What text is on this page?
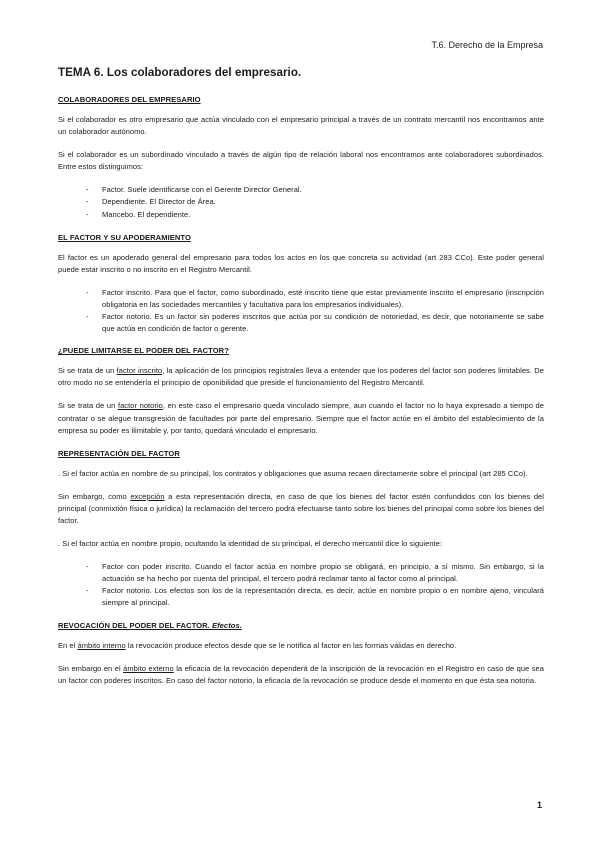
T.6. Derecho de la Empresa
TEMA 6. Los colaboradores del empresario.
COLABORADORES DEL EMPRESARIO

Si el colaborador es otro empresario que actúa vinculado con el empresario principal a través de un contrato mercantil nos encontramos ante un colaborador autónomo.

Si el colaborador es un subordinado vinculado a través de algún tipo de relación laboral nos encontramos ante colaboradores subordinados. Entre estos distinguimos:

- Factor. Suele identificarse con el Gerente Director General.
- Dependiente. El Director de Área.
- Mancebo. El dependiente.
EL FACTOR Y SU APODERAMIENTO

El factor es un apoderado general del empresario para todos los actos en los que concreta su actividad (art 283 CCo). Este poder general puede estar inscrito o no inscrito en el Registro Mercantil.

- Factor inscrito. Para que el factor, como subordinado, esté inscrito tiene que estar previamente inscrito el empresario (inscripción obligatoria en las sociedades mercantiles y facultativa para los empresarios individuales).
- Factor notorio. Es un factor sin poderes inscritos que actúa por su condición de notoriedad, es decir, que notoriamente se sabe que actúa en condición de factor o gerente.
¿PUEDE LIMITARSE EL PODER DEL FACTOR?

Si se trata de un factor inscrito, la aplicación de los principios registrales lleva a entender que los poderes del factor son poderes limitables. De otro modo no se entendería el principio de oponibilidad que preside el funcionamiento del Registro Mercantil.

Si se trata de un factor notorio, en este caso el empresario queda vinculado siempre, aun cuando el factor no lo haya expresado a tiempo de contratar o se alegue transgresión de facultades por parte del empresario. Siempre que el factor actúe en el ámbito del establecimiento de la empresa su poder es ilimitable y, por tanto, quedará vinculado el empresario.

REPRESENTACIÓN DEL FACTOR

. Si el factor actúa en nombre de su principal, los contratos y obligaciones que asuma recaen directamente sobre el principal (art 285 CCo).

Sin embargo, como excepción a esta representación directa, en caso de que los bienes del factor estén confundidos con los bienes del principal (conmixtión física o jurídica) la reclamación del tercero podrá efectuarse tanto sobre los bienes del principal como sobre los bienes del factor.

. Si el factor actúa en nombre propio, ocultando la identidad de su principal, el derecho mercantil dice lo siguiente:

- Factor con poder inscrito. Cuando el factor actúa en nombre propio se obligará, en principio, a sí mismo. Sin embargo, si la actuación se ha hecho por cuenta del principal, el tercero podrá reclamar tanto al factor como al principal.
- Factor notorio. Los efectos son los de la representación directa, es decir, actúe en nombre propio o en nombre ajeno, vinculará siempre al principal.
REVOCACIÓN DEL PODER DEL FACTOR. Efectos.

En el ámbito interno la revocación produce efectos desde que se le notifica al factor en las formas válidas en derecho.

Sin embargo en el ámbito externo la eficacia de la revocación dependerá de la inscripción de la revocación en el Registro en caso de que sea un factor con poderes inscritos. En caso del factor notorio, la eficacia de la revocación se produce desde el momento en que ésta sea notoria.

1
